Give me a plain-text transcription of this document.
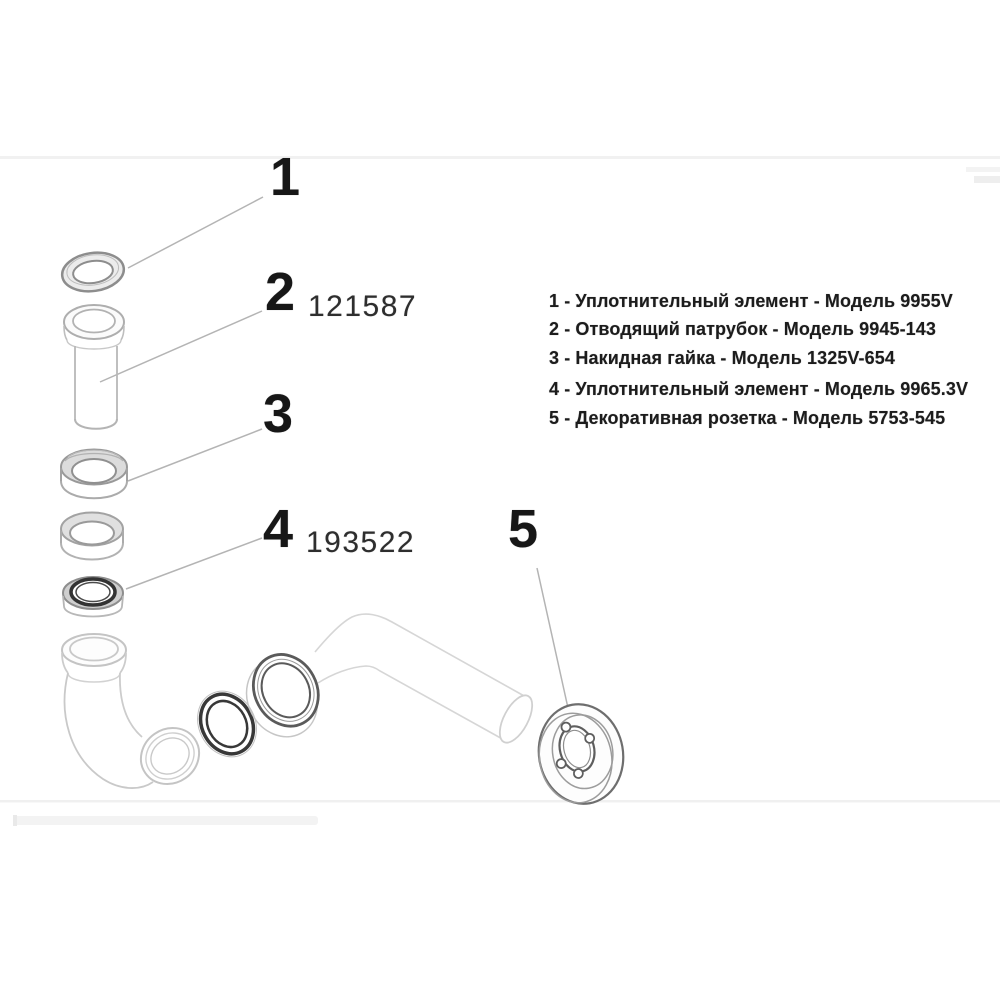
1
2
3
4	5
121587
193522
1 - Уплотнительный элемент - Модель 9955V
2 - Отводящий патрубок - Модель 9945-143
3 - Накидная гайка - Модель 1325V-654
4 - Уплотнительный элемент - Модель 9965.3V
5 - Декоративная розетка - Модель 5753-545
